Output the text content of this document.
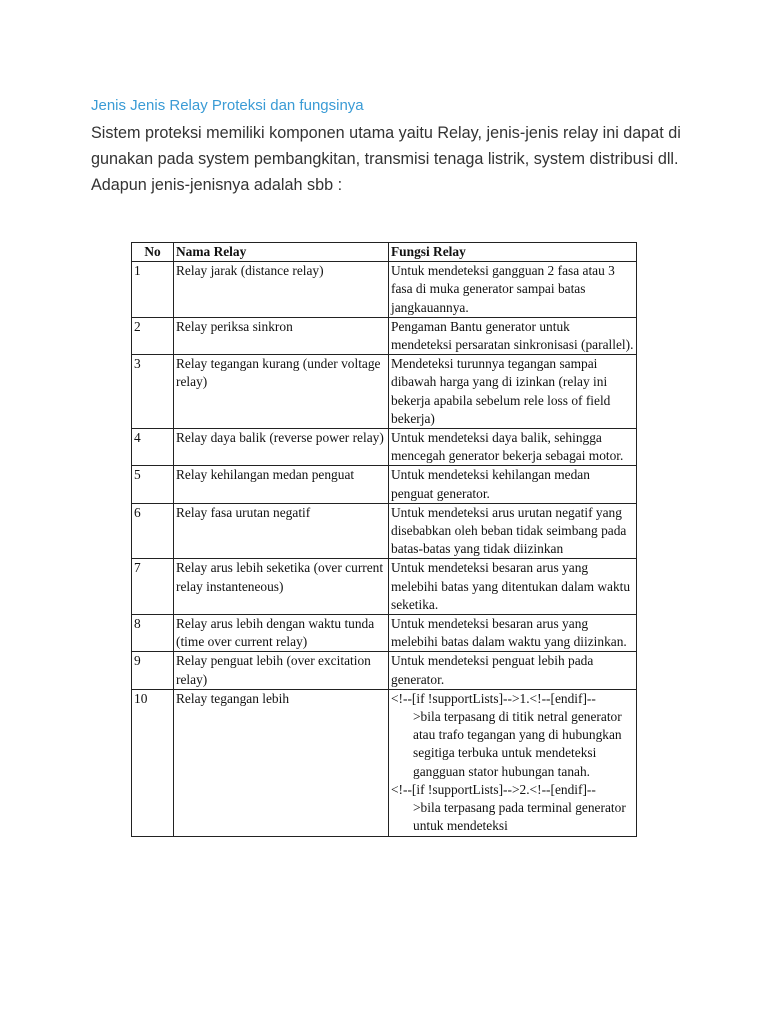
Jenis Jenis Relay Proteksi dan fungsinya

Sistem proteksi memiliki komponen utama yaitu Relay, jenis-jenis relay ini dapat di gunakan pada system pembangkitan, transmisi tenaga listrik, system distribusi dll.

Adapun jenis-jenisnya adalah sbb :

No	Nama Relay	Fungsi Relay
1	Relay jarak (distance relay)	Untuk mendeteksi gangguan 2 fasa atau 3 fasa di muka generator sampai batas jangkauannya.
2	Relay periksa sinkron	Pengaman Bantu generator untuk mendeteksi persaratan sinkronisasi (parallel).
3	Relay tegangan kurang (under voltage relay)	Mendeteksi turunnya tegangan sampai dibawah harga yang di izinkan (relay ini bekerja apabila sebelum rele loss of field bekerja)
4	Relay daya balik (reverse power relay)	Untuk mendeteksi daya balik, sehingga mencegah generator bekerja sebagai motor.
5	Relay kehilangan medan penguat	Untuk mendeteksi kehilangan medan penguat generator.
6	Relay fasa urutan negatif	Untuk mendeteksi arus urutan negatif yang disebabkan oleh beban tidak seimbang pada batas-batas yang tidak diizinkan
7	Relay arus lebih seketika (over current relay instanteneous)	Untuk mendeteksi besaran arus yang melebihi batas yang ditentukan dalam waktu seketika.
8	Relay arus lebih dengan waktu tunda (time over current relay)	Untuk mendeteksi besaran arus yang melebihi batas dalam waktu yang diizinkan.
9	Relay penguat lebih (over excitation relay)	Untuk mendeteksi penguat lebih pada generator.
10	Relay tegangan lebih	<!--[if !supportLists]-->1.<!--[endif]--
>bila terpasang di titik netral generator atau trafo tegangan yang di hubungkan segitiga terbuka untuk mendeteksi gangguan stator hubungan tanah.
<!--[if !supportLists]-->2.<!--[endif]--
>bila terpasang pada terminal generator untuk mendeteksi
